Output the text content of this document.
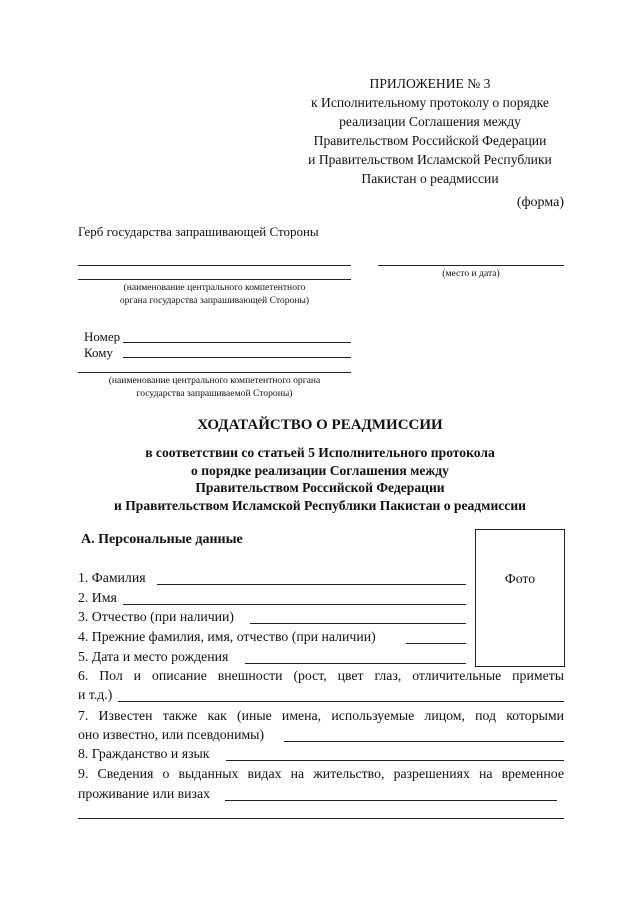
ПРИЛОЖЕНИЕ № 3
к Исполнительному протоколу о порядке
реализации Соглашения между
Правительством Российской Федерации
и Правительством Исламской Республики
Пакистан о реадмиссии
(форма)
Герб государства запрашивающей Стороны
(место и дата)
(наименование центрального компетентного
органа государства запрашивающей Стороны)
Номер
Кому
(наименование центрального компетентного органа
государства запрашиваемой Стороны)
ХОДАТАЙСТВО О РЕАДМИССИИ
в соответствии со статьей 5 Исполнительного протокола
о порядке реализации Соглашения между
Правительством Российской Федерации
и Правительством Исламской Республики Пакистан о реадмиссии
А. Персональные данные
Фото
1. Фамилия
2. Имя
3. Отчество (при наличии)
4. Прежние фамилия, имя, отчество (при наличии)
5. Дата и место рождения
6. Пол и описание внешности (рост, цвет глаз, отличительные приметы
и т.д.)
7. Известен также как (иные имена, используемые лицом, под которыми
оно известно, или псевдонимы)
8. Гражданство и язык
9. Сведения о выданных видах на жительство, разрешениях на временное
проживание или визах
